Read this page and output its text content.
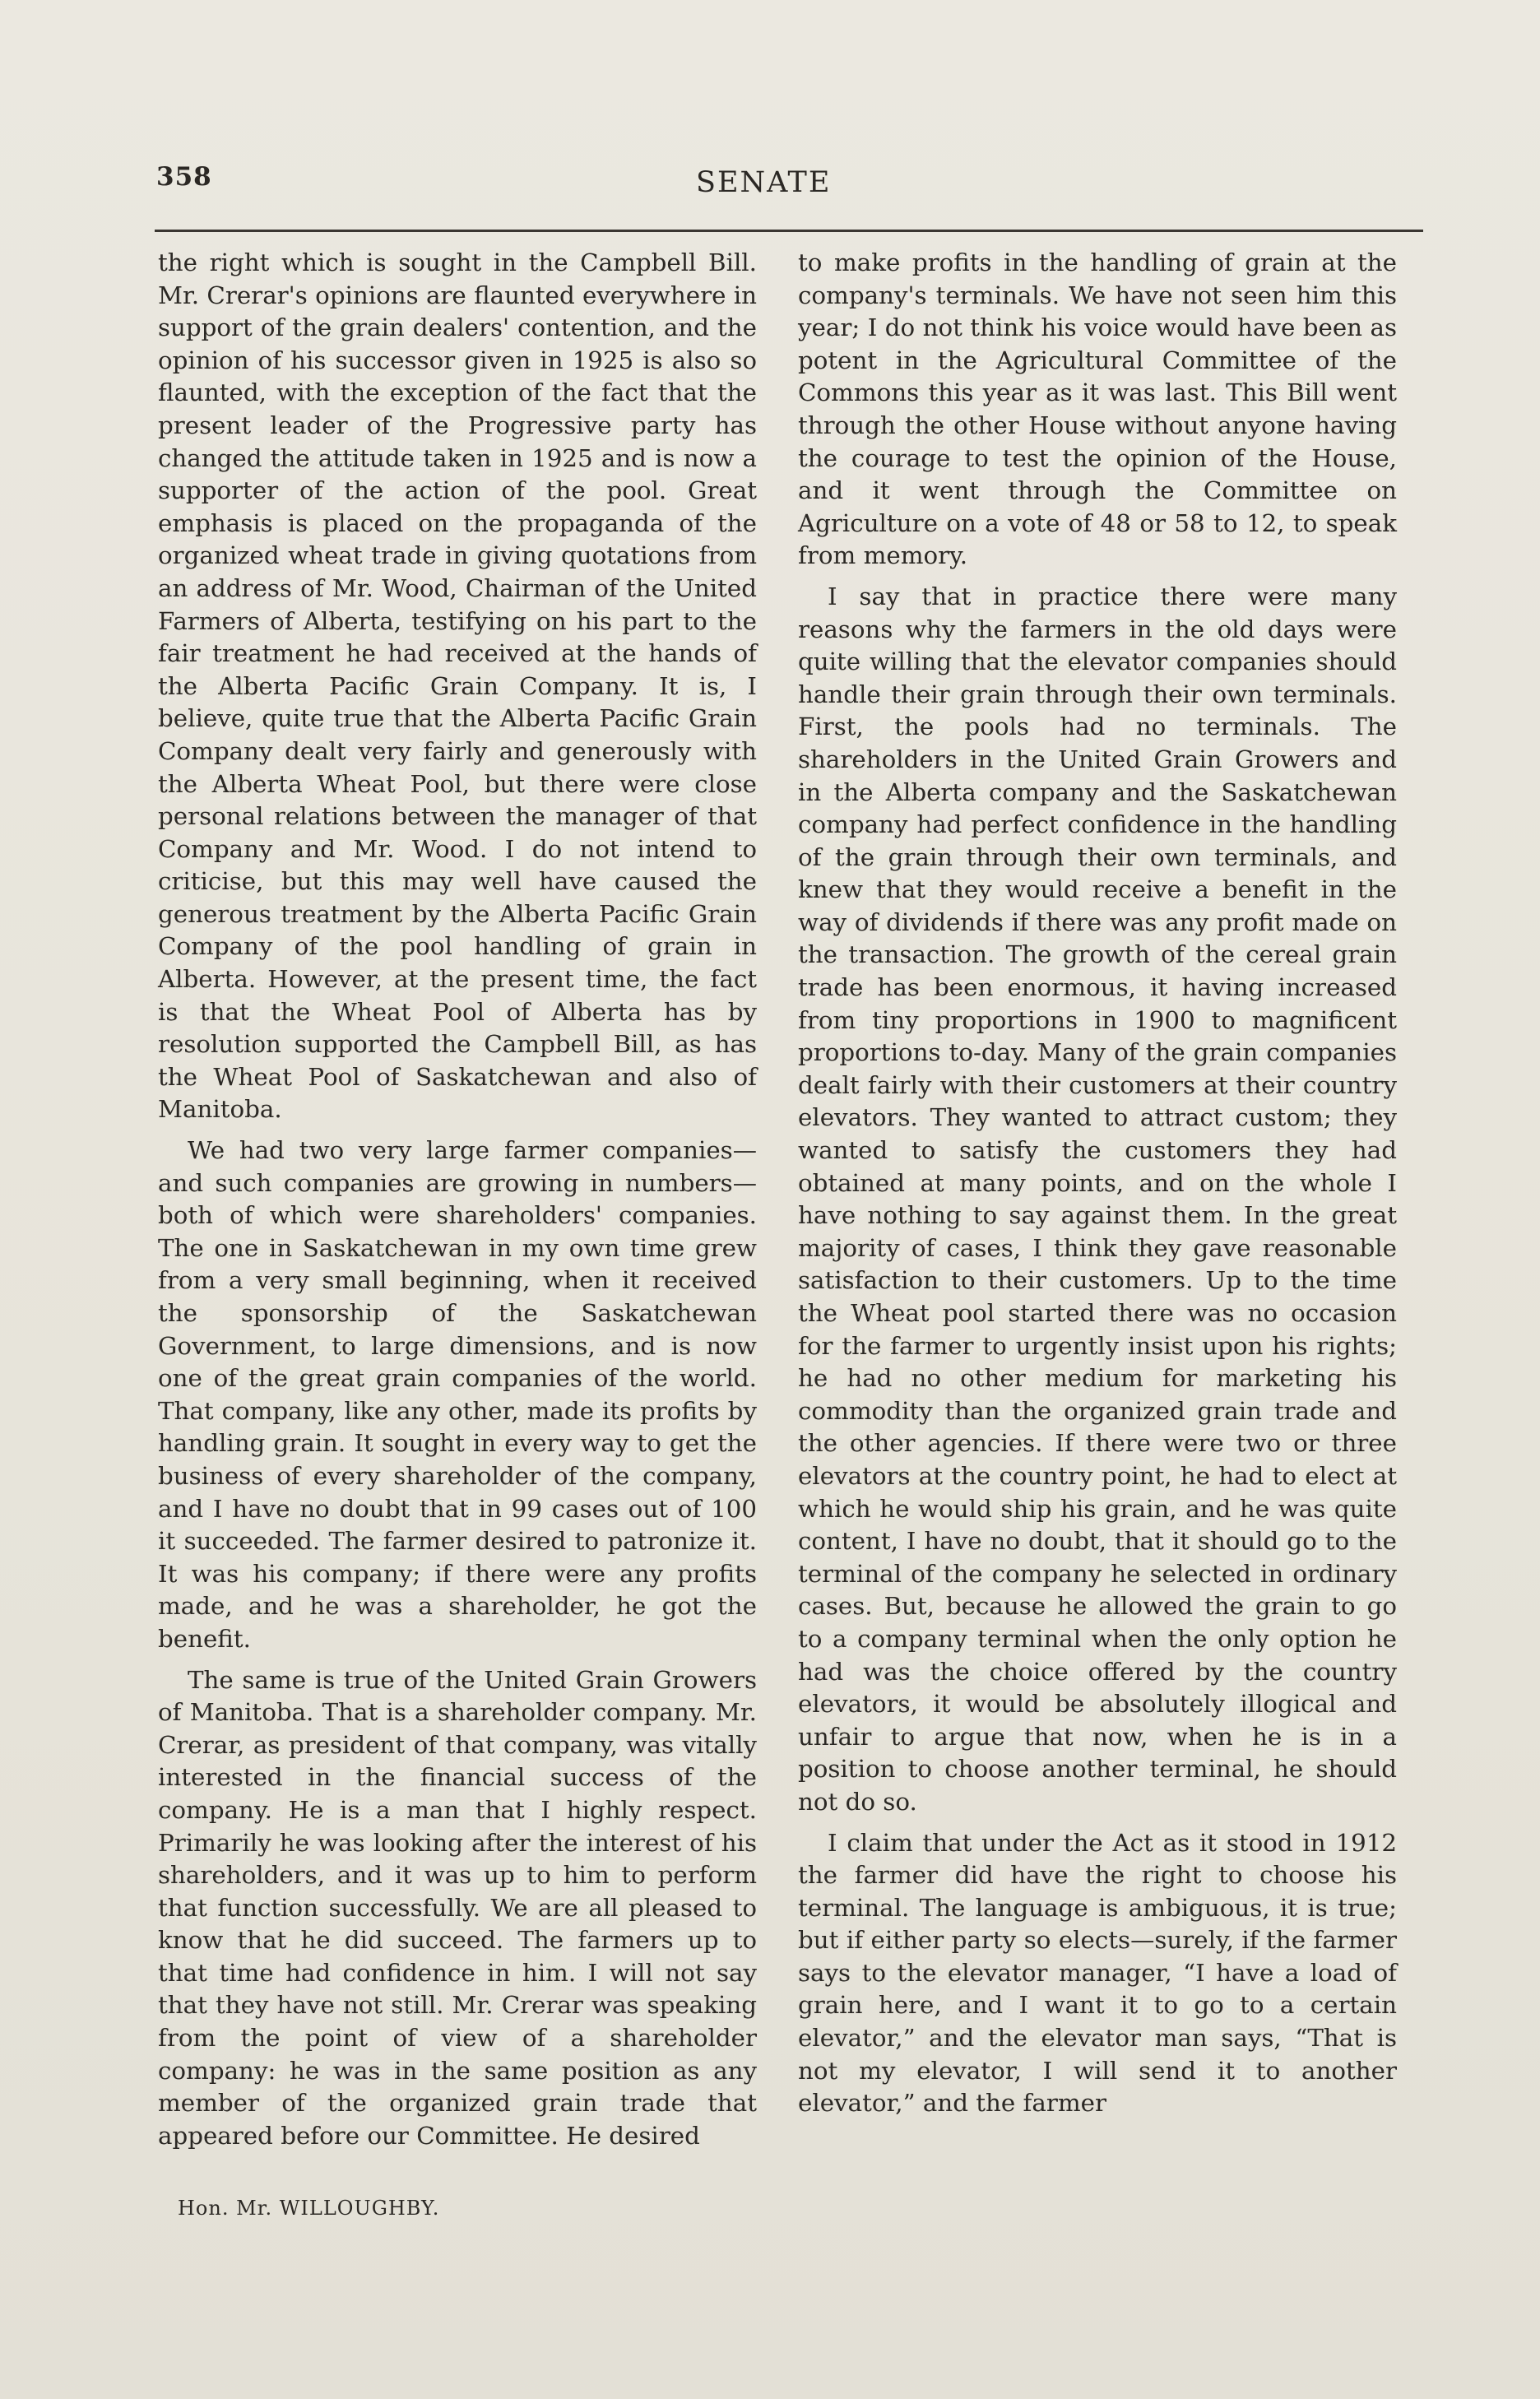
358	SENATE

the right which is sought in the Campbell Bill. Mr. Crerar's opinions are flaunted everywhere in support of the grain dealers' contention, and the opinion of his successor given in 1925 is also so flaunted, with the exception of the fact that the present leader of the Progressive party has changed the attitude taken in 1925 and is now a supporter of the action of the pool. Great emphasis is placed on the propaganda of the organized wheat trade in giving quotations from an address of Mr. Wood, Chairman of the United Farmers of Alberta, testifying on his part to the fair treatment he had received at the hands of the Alberta Pacific Grain Company. It is, I believe, quite true that the Alberta Pacific Grain Company dealt very fairly and generously with the Alberta Wheat Pool, but there were close personal relations between the manager of that Company and Mr. Wood. I do not intend to criticise, but this may well have caused the generous treatment by the Alberta Pacific Grain Company of the pool handling of grain in Alberta. However, at the present time, the fact is that the Wheat Pool of Alberta has by resolution supported the Campbell Bill, as has the Wheat Pool of Saskatchewan and also of Manitoba.

We had two very large farmer companies—and such companies are growing in numbers—both of which were shareholders' companies. The one in Saskatchewan in my own time grew from a very small beginning, when it received the sponsorship of the Saskatchewan Government, to large dimensions, and is now one of the great grain companies of the world. That company, like any other, made its profits by handling grain. It sought in every way to get the business of every shareholder of the company, and I have no doubt that in 99 cases out of 100 it succeeded. The farmer desired to patronize it. It was his company; if there were any profits made, and he was a shareholder, he got the benefit.

The same is true of the United Grain Growers of Manitoba. That is a shareholder company. Mr. Crerar, as president of that company, was vitally interested in the financial success of the company. He is a man that I highly respect. Primarily he was looking after the interest of his shareholders, and it was up to him to perform that function successfully. We are all pleased to know that he did succeed. The farmers up to that time had confidence in him. I will not say that they have not still. Mr. Crerar was speaking from the point of view of a shareholder company: he was in the same position as any member of the organized grain trade that appeared before our Committee. He desired

to make profits in the handling of grain at the company's terminals. We have not seen him this year; I do not think his voice would have been as potent in the Agricultural Committee of the Commons this year as it was last. This Bill went through the other House without anyone having the courage to test the opinion of the House, and it went through the Committee on Agriculture on a vote of 48 or 58 to 12, to speak from memory.

I say that in practice there were many reasons why the farmers in the old days were quite willing that the elevator companies should handle their grain through their own terminals. First, the pools had no terminals. The shareholders in the United Grain Growers and in the Alberta company and the Saskatchewan company had perfect confidence in the handling of the grain through their own terminals, and knew that they would receive a benefit in the way of dividends if there was any profit made on the transaction. The growth of the cereal grain trade has been enormous, it having increased from tiny proportions in 1900 to magnificent proportions to-day. Many of the grain companies dealt fairly with their customers at their country elevators. They wanted to attract custom; they wanted to satisfy the customers they had obtained at many points, and on the whole I have nothing to say against them. In the great majority of cases, I think they gave reasonable satisfaction to their customers. Up to the time the Wheat pool started there was no occasion for the farmer to urgently insist upon his rights; he had no other medium for marketing his commodity than the organized grain trade and the other agencies. If there were two or three elevators at the country point, he had to elect at which he would ship his grain, and he was quite content, I have no doubt, that it should go to the terminal of the company he selected in ordinary cases. But, because he allowed the grain to go to a company terminal when the only option he had was the choice offered by the country elevators, it would be absolutely illogical and unfair to argue that now, when he is in a position to choose another terminal, he should not do so.

I claim that under the Act as it stood in 1912 the farmer did have the right to choose his terminal. The language is ambiguous, it is true; but if either party so elects—surely, if the farmer says to the elevator manager, “I have a load of grain here, and I want it to go to a certain elevator,” and the elevator man says, “That is not my elevator, I will send it to another elevator,” and the farmer

Hon. Mr. WILLOUGHBY.
